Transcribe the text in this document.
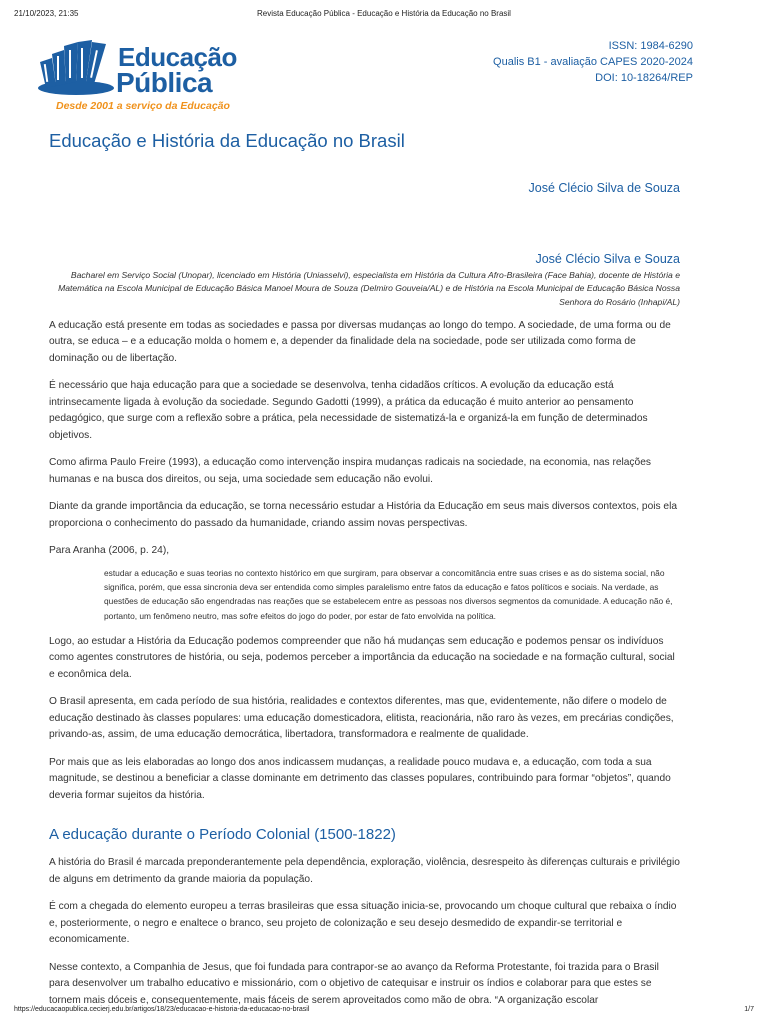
21/10/2023, 21:35	Revista Educação Pública - Educação e História da Educação no Brasil
Educação
Pública
Desde 2001 a serviço da Educação
ISSN: 1984-6290
Qualis B1 - avaliação CAPES 2020-2024
DOI: 10-18264/REP
Educação e História da Educação no Brasil
José Clécio Silva de Souza
José Clécio Silva e Souza
Bacharel em Serviço Social (Unopar), licenciado em História (Uniasselvi), especialista em História da Cultura Afro-Brasileira (Face Bahia), docente de História e Matemática na Escola Municipal de Educação Básica Manoel Moura de Souza (Delmiro Gouveia/AL) e de História na Escola Municipal de Educação Básica Nossa Senhora do Rosário (Inhapi/AL)

A educação está presente em todas as sociedades e passa por diversas mudanças ao longo do tempo. A sociedade, de uma forma ou de outra, se educa – e a educação molda o homem e, a depender da finalidade dela na sociedade, pode ser utilizada como forma de dominação ou de libertação.

É necessário que haja educação para que a sociedade se desenvolva, tenha cidadãos críticos. A evolução da educação está intrinsecamente ligada à evolução da sociedade. Segundo Gadotti (1999), a prática da educação é muito anterior ao pensamento pedagógico, que surge com a reflexão sobre a prática, pela necessidade de sistematizá-la e organizá-la em função de determinados objetivos.

Como afirma Paulo Freire (1993), a educação como intervenção inspira mudanças radicais na sociedade, na economia, nas relações humanas e na busca dos direitos, ou seja, uma sociedade sem educação não evolui.

Diante da grande importância da educação, se torna necessário estudar a História da Educação em seus mais diversos contextos, pois ela proporciona o conhecimento do passado da humanidade, criando assim novas perspectivas.

Para Aranha (2006, p. 24),

estudar a educação e suas teorias no contexto histórico em que surgiram, para observar a concomitância entre suas crises e as do sistema social, não significa, porém, que essa sincronia deva ser entendida como simples paralelismo entre fatos da educação e fatos políticos e sociais. Na verdade, as questões de educação são engendradas nas reações que se estabelecem entre as pessoas nos diversos segmentos da comunidade. A educação não é, portanto, um fenômeno neutro, mas sofre efeitos do jogo do poder, por estar de fato envolvida na política.

Logo, ao estudar a História da Educação podemos compreender que não há mudanças sem educação e podemos pensar os indivíduos como agentes construtores de história, ou seja, podemos perceber a importância da educação na sociedade e na formação cultural, social e econômica dela.

O Brasil apresenta, em cada período de sua história, realidades e contextos diferentes, mas que, evidentemente, não difere o modelo de educação destinado às classes populares: uma educação domesticadora, elitista, reacionária, não raro às vezes, em precárias condições, privando-as, assim, de uma educação democrática, libertadora, transformadora e realmente de qualidade.

Por mais que as leis elaboradas ao longo dos anos indicassem mudanças, a realidade pouco mudava e, a educação, com toda a sua magnitude, se destinou a beneficiar a classe dominante em detrimento das classes populares, contribuindo para formar “objetos”, quando deveria formar sujeitos da história.

A educação durante o Período Colonial (1500-1822)

A história do Brasil é marcada preponderantemente pela dependência, exploração, violência, desrespeito às diferenças culturais e privilégio de alguns em detrimento da grande maioria da população.

É com a chegada do elemento europeu a terras brasileiras que essa situação inicia-se, provocando um choque cultural que rebaixa o índio e, posteriormente, o negro e enaltece o branco, seu projeto de colonização e seu desejo desmedido de expandir-se territorial e economicamente.

Nesse contexto, a Companhia de Jesus, que foi fundada para contrapor-se ao avanço da Reforma Protestante, foi trazida para o Brasil para desenvolver um trabalho educativo e missionário, com o objetivo de catequisar e instruir os índios e colaborar para que estes se tornem mais dóceis e, consequentemente, mais fáceis de serem aproveitados como mão de obra. “A organização escolar

https://educacaopublica.cecierj.edu.br/artigos/18/23/educacao-e-historia-da-educacao-no-brasil	1/7
